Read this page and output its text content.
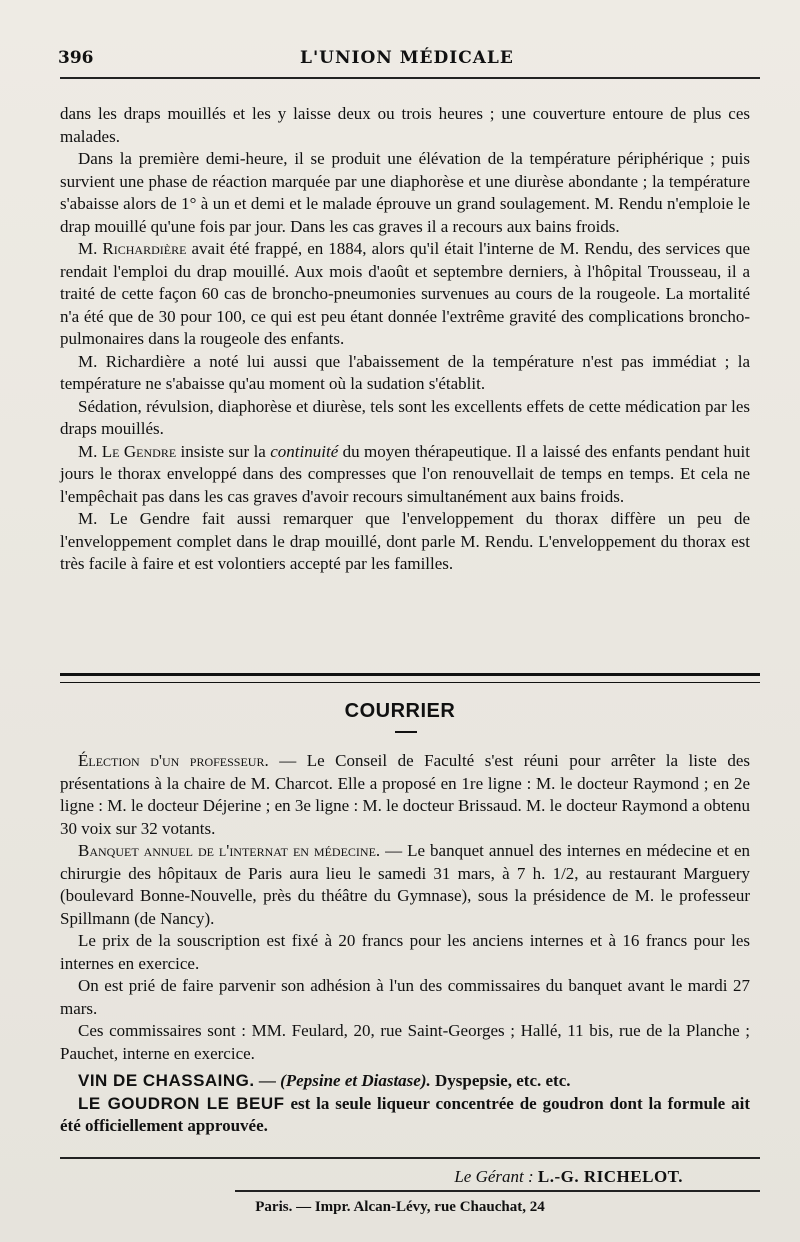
396	L'UNION MÉDICALE

dans les draps mouillés et les y laisse deux ou trois heures ; une couverture entoure de plus ces malades.

Dans la première demi-heure, il se produit une élévation de la température périphérique ; puis survient une phase de réaction marquée par une diaphorèse et une diurèse abondante ; la température s'abaisse alors de 1° à un et demi et le malade éprouve un grand soulagement. M. Rendu n'emploie le drap mouillé qu'une fois par jour. Dans les cas graves il a recours aux bains froids.

M. Richardière avait été frappé, en 1884, alors qu'il était l'interne de M. Rendu, des services que rendait l'emploi du drap mouillé. Aux mois d'août et septembre derniers, à l'hôpital Trousseau, il a traité de cette façon 60 cas de broncho-pneumonies survenues au cours de la rougeole. La mortalité n'a été que de 30 pour 100, ce qui est peu étant donnée l'extrême gravité des complications broncho-pulmonaires dans la rougeole des enfants.

M. Richardière a noté lui aussi que l'abaissement de la température n'est pas immédiat ; la température ne s'abaisse qu'au moment où la sudation s'établit.

Sédation, révulsion, diaphorèse et diurèse, tels sont les excellents effets de cette médication par les draps mouillés.

M. Le Gendre insiste sur la continuité du moyen thérapeutique. Il a laissé des enfants pendant huit jours le thorax enveloppé dans des compresses que l'on renouvellait de temps en temps. Et cela ne l'empêchait pas dans les cas graves d'avoir recours simultanément aux bains froids.

M. Le Gendre fait aussi remarquer que l'enveloppement du thorax diffère un peu de l'enveloppement complet dans le drap mouillé, dont parle M. Rendu. L'enveloppement du thorax est très facile à faire et est volontiers accepté par les familles.

COURRIER

Élection d'un professeur. — Le Conseil de Faculté s'est réuni pour arrêter la liste des présentations à la chaire de M. Charcot. Elle a proposé en 1re ligne : M. le docteur Raymond ; en 2e ligne : M. le docteur Déjerine ; en 3e ligne : M. le docteur Brissaud. M. le docteur Raymond a obtenu 30 voix sur 32 votants.

Banquet annuel de l'internat en médecine. — Le banquet annuel des internes en médecine et en chirurgie des hôpitaux de Paris aura lieu le samedi 31 mars, à 7 h. 1/2, au restaurant Marguery (boulevard Bonne-Nouvelle, près du théâtre du Gymnase), sous la présidence de M. le professeur Spillmann (de Nancy).

Le prix de la souscription est fixé à 20 francs pour les anciens internes et à 16 francs pour les internes en exercice.

On est prié de faire parvenir son adhésion à l'un des commissaires du banquet avant le mardi 27 mars.

Ces commissaires sont : MM. Feulard, 20, rue Saint-Georges ; Hallé, 11 bis, rue de la Planche ; Pauchet, interne en exercice.

VIN DE CHASSAING. — (Pepsine et Diastase). Dyspepsie, etc. etc.

LE GOUDRON LE BEUF est la seule liqueur concentrée de goudron dont la formule ait été officiellement approuvée.

Le Gérant : L.-G. RICHELOT.
Paris. — Impr. Alcan-Lévy, rue Chauchat, 24
